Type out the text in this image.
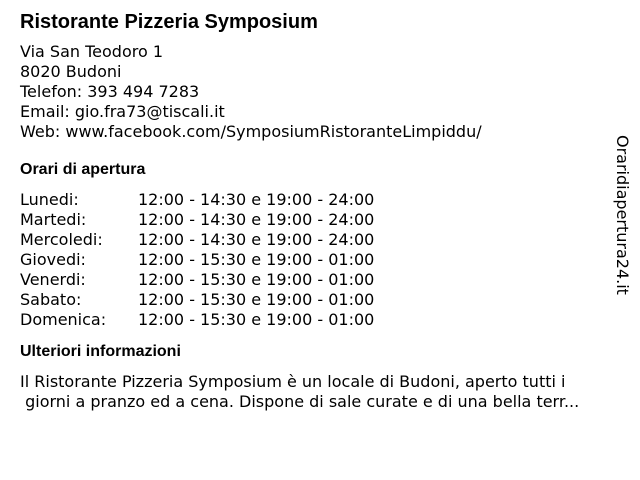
Ristorante Pizzeria Symposium
Via San Teodoro 1
8020 Budoni
Telefon: 393 494 7283
Email: gio.fra73@tiscali.it
Web: www.facebook.com/SymposiumRistoranteLimpiddu/
Orari di apertura
Lunedi:	12:00 - 14:30 e 19:00 - 24:00
Martedi:	12:00 - 14:30 e 19:00 - 24:00
Mercoledi:	12:00 - 14:30 e 19:00 - 24:00
Giovedi:	12:00 - 15:30 e 19:00 - 01:00
Venerdi:	12:00 - 15:30 e 19:00 - 01:00
Sabato:	12:00 - 15:30 e 19:00 - 01:00
Domenica:	12:00 - 15:30 e 19:00 - 01:00
Ulteriori informazioni
Il Ristorante Pizzeria Symposium è un locale di Budoni, aperto tutti i
giorni a pranzo ed a cena. Dispone di sale curate e di una bella terr...
Oraridiapertura24.it
